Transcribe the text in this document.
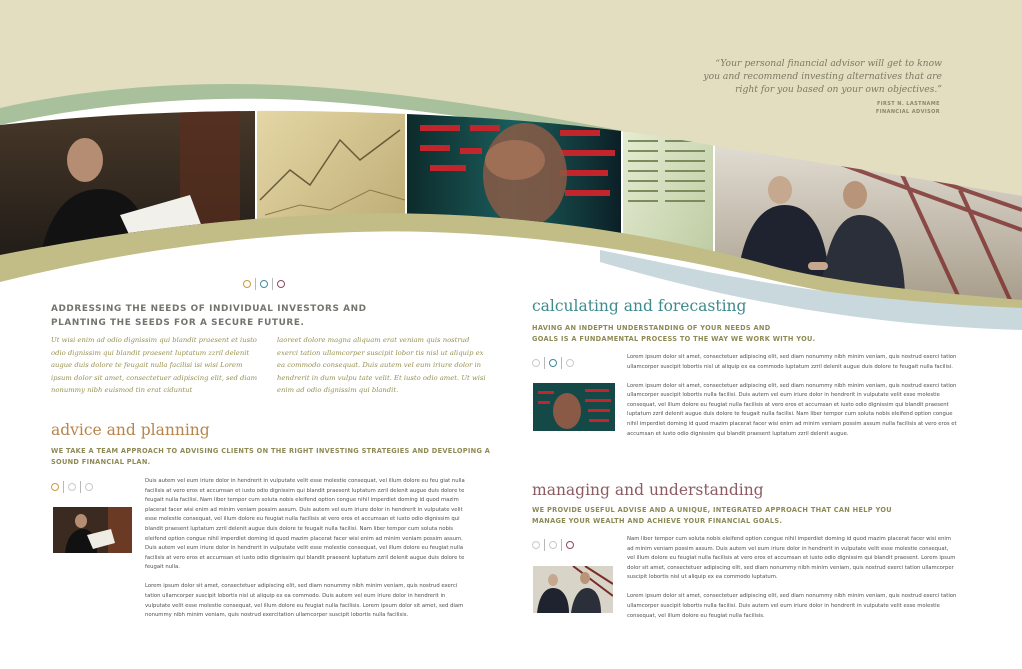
“Your personal financial advisor will get to know you and recommend investing alternatives that are right for you based on your own objectives.”
FIRST N. LASTNAME
FINANCIAL ADVISOR
ADDRESSING THE NEEDS OF INDIVIDUAL INVESTORS AND
PLANTING THE SEEDS FOR A SECURE FUTURE.
Ut wisi enim ad odio dignissim qui blandit praesent et iusto odio dignissim qui blandit praesent luptatum zzril delenit augue duis dolore te feugait nulla facilisi isi wisi Lorem ipsum dolor sit amet, consectetuer adipiscing elit, sed diam nonummy nibh euismod tin erat ciduntut
laoreet dolore magna aliquam erat veniam quis nostrud exerci tation ullamcorper suscipit lobor tis nisl ut aliquip ex ea commodo consequat. Duis autem vel eum iriure dolor in hendrerit in dum vulpu tate velit. Et iusto odio amet. Ut wisi enim ad odio dignissim qui blandit.
advice and planning
WE TAKE A TEAM APPROACH TO ADVISING CLIENTS ON THE RIGHT INVESTING STRATEGIES AND DEVELOPING A
SOUND FINANCIAL PLAN.

Duis autem vel eum iriure dolor in hendrerit in vulputate velit esse molestie consequat, vel illum dolore eu feu giat nulla facilisis at vero eros et accumsan et iusto odio dignissim qui blandit praesent luptatum zzril delenit augue duis dolore te feugait nulla facilisi. Nam liber tempor cum soluta nobis eleifend option congue nihil imperdiet doming id quod mazim placerat facer wisi enim ad minim veniam possim assum. Duis autem vel eum iriure dolor in hendrerit in vulputate velit esse molestie consequat, vel illum dolore eu feugiat nulla facilisis at vero eros et accumsan et iusto odio dignissim qui blandit praesent luptatum zzril delenit augue duis dolore te feugait nulla facilisi. Nam liber tempor cum soluta nobis eleifend option congue nihil imperdiet doming id quod mazim placerat facer wisi enim ad minim veniam possim assum. Duis autem vel eum iriure dolor in hendrerit in vulputate velit esse molestie consequat, vel illum dolore eu feugiat nulla facilisis at vero eros et accumsan et iusto odio dignissim qui blandit praesent luptatum zzril delenit augue duis dolore te feugait nulla.

Lorem ipsum dolor sit amet, consectetuer adipiscing elit, sed diam nonummy nibh minim veniam, quis nostrud exerci tation ullamcorper suscipit lobortis nisl ut aliquip ex ea commodo. Duis autem vel eum iriure dolor in hendrerit in vulputate velit esse molestie consequat, vel illum dolore eu feugiat nulla facilisis. Lorem ipsum dolor sit amet, sed diam nonummy nibh minim veniam, quis nostrud exercitation ullamcorper suscipit lobortis nulla facilisis.

calculating and forecasting
HAVING AN INDEPTH UNDERSTANDING OF YOUR NEEDS AND
GOALS IS A FUNDAMENTAL PROCESS TO THE WAY WE WORK WITH YOU.

Lorem ipsum dolor sit amet, consectetuer adipiscing elit, sed diam nonummy nibh minim veniam, quis nostrud exerci tation ullamcorper suscipit lobortis nisl ut aliquip ex ea commodo luptatum zzril delenit augue duis dolore te feugait nulla facilisi.

Lorem ipsum dolor sit amet, consectetuer adipiscing elit, sed diam nonummy nibh minim veniam, quis nostrud exerci tation ullamcorper suscipit lobortis nulla facilisi. Duis autem vel eum iriure dolor in hendrerit in vulputate velit esse molestie consequat, vel illum dolore eu feugiat nulla facilisis at vero eros et accumsan et iusto odio dignissim qui blandit praesent luptatum zzril delenit augue duis dolore te feugait nulla facilisi. Nam liber tempor cum soluta nobis eleifend option congue nihil imperdiet doming id quod mazim placerat facer wisi enim ad minim veniam possim assum nulla facilisis at vero eros et accumsan et iusto odio dignissim qui blandit praesent luptatum zzril delenit augue.

managing and understanding
WE PROVIDE USEFUL ADVISE AND A UNIQUE, INTEGRATED APPROACH THAT CAN HELP YOU
MANAGE YOUR WEALTH AND ACHIEVE YOUR FINANCIAL GOALS.

Nam liber tempor cum soluta nobis eleifend option congue nihil imperdiet doming id quod mazim placerat facer wisi enim ad minim veniam possim assum. Duis autem vel eum iriure dolor in hendrerit in vulputate velit esse molestie consequat, vel illum dolore eu feugiat nulla facilisis at vero eros et accumsan et iusto odio dignissim qui blandit praesent. Lorem ipsum dolor sit amet, consectetuer adipiscing elit, sed diam nonummy nibh minim veniam, quis nostrud exerci tation ullamcorper suscipit lobortis nisl ut aliquip ex ea commodo luptatum.

Lorem ipsum dolor sit amet, consectetuer adipiscing elit, sed diam nonummy nibh minim veniam, quis nostrud exerci tation ullamcorper suscipit lobortis nulla facilisi. Duis autem vel eum iriure dolor in hendrerit in vulputate velit esse molestie consequat, vel illum dolore eu feugiat nulla facilisis.
